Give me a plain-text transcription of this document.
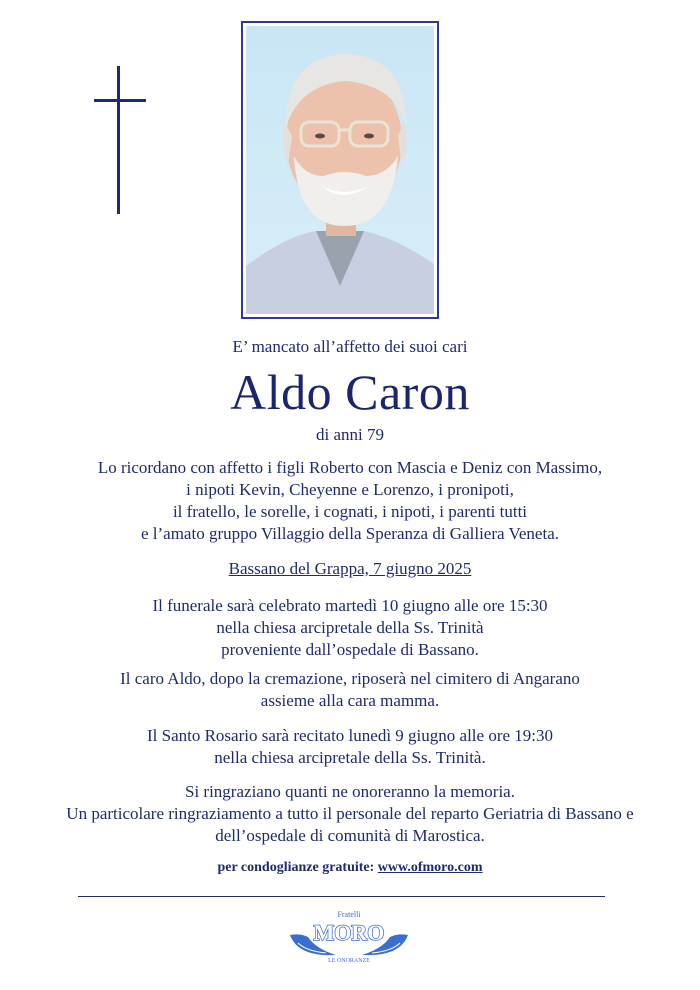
E’ mancato all’affetto dei suoi cari
Aldo Caron
di anni 79
Lo ricordano con affetto i figli Roberto con Mascia e Deniz con Massimo,
i nipoti Kevin, Cheyenne e Lorenzo, i pronipoti,
il fratello, le sorelle, i cognati, i nipoti, i parenti tutti
e l’amato gruppo Villaggio della Speranza di Galliera Veneta.
Bassano del Grappa, 7 giugno 2025
Il funerale sarà celebrato martedì 10 giugno alle ore 15:30
nella chiesa arcipretale della Ss. Trinità
proveniente dall’ospedale di Bassano.
Il caro Aldo, dopo la cremazione, riposerà nel cimitero di Angarano
assieme alla cara mamma.
Il Santo Rosario sarà recitato lunedì 9 giugno alle ore 19:30
nella chiesa arcipretale della Ss. Trinità.
Si ringraziano quanti ne onoreranno la memoria.
Un particolare ringraziamento a tutto il personale del reparto Geriatria di Bassano e
dell’ospedale di comunità di Marostica.
per condoglianze gratuite: www.ofmoro.com
Fratelli
MORO
LE ONORANZE
